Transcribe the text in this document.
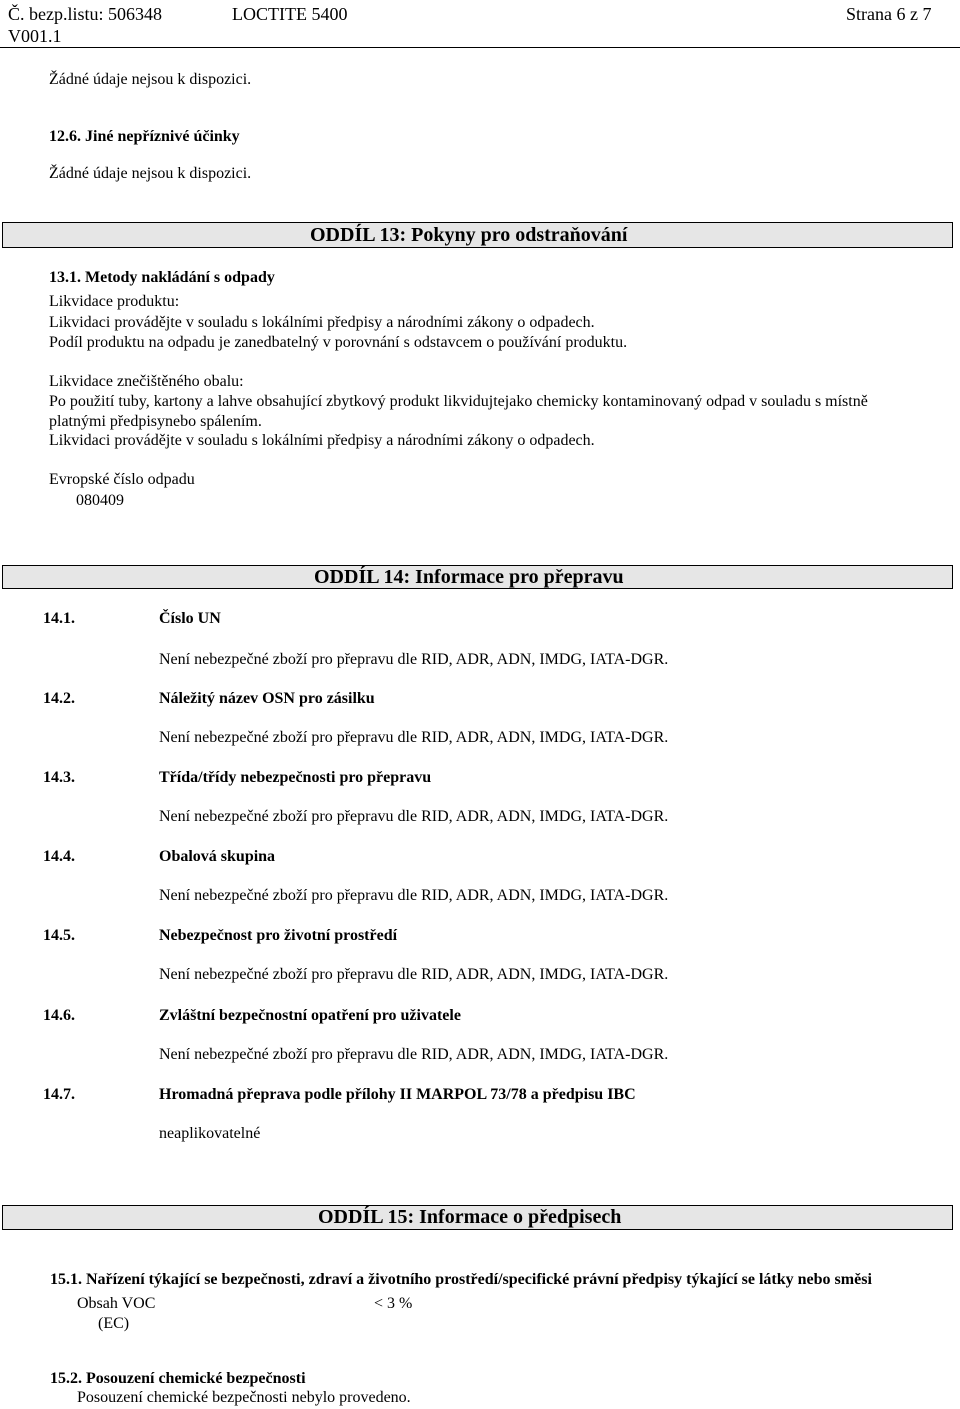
Č. bezp.listu: 506348	LOCTITE 5400	Strana 6 z 7
V001.1
Žádné údaje nejsou k dispozici.
12.6. Jiné nepříznivé účinky
Žádné údaje nejsou k dispozici.
ODDÍL 13: Pokyny pro odstraňování
13.1. Metody nakládání s odpady
Likvidace produktu:
Likvidaci provádějte v souladu s lokálními předpisy a národními zákony o odpadech.
Podíl produktu na odpadu je zanedbatelný v porovnání s odstavcem o používání produktu.
Likvidace znečištěného obalu:
Po použití tuby, kartony a lahve obsahující zbytkový produkt likvidujtejako chemicky kontaminovaný odpad v souladu s místně
platnými předpisynebo spálením.
Likvidaci provádějte v souladu s lokálními předpisy a národními zákony o odpadech.
Evropské číslo odpadu
080409
ODDÍL 14: Informace pro přepravu
14.1.	Číslo UN
Není nebezpečné zboží pro přepravu dle RID, ADR, ADN, IMDG, IATA-DGR.
14.2.	Náležitý název OSN pro zásilku
Není nebezpečné zboží pro přepravu dle RID, ADR, ADN, IMDG, IATA-DGR.
14.3.	Třída/třídy nebezpečnosti pro přepravu
Není nebezpečné zboží pro přepravu dle RID, ADR, ADN, IMDG, IATA-DGR.
14.4.	Obalová skupina
Není nebezpečné zboží pro přepravu dle RID, ADR, ADN, IMDG, IATA-DGR.
14.5.	Nebezpečnost pro životní prostředí
Není nebezpečné zboží pro přepravu dle RID, ADR, ADN, IMDG, IATA-DGR.
14.6.	Zvláštní bezpečnostní opatření pro uživatele
Není nebezpečné zboží pro přepravu dle RID, ADR, ADN, IMDG, IATA-DGR.
14.7.	Hromadná přeprava podle přílohy II MARPOL 73/78 a předpisu IBC
neaplikovatelné
ODDÍL 15: Informace o předpisech
15.1. Nařízení týkající se bezpečnosti, zdraví a životního prostředí/specifické právní předpisy týkající se látky nebo směsi
Obsah VOC	< 3 %
(EC)
15.2. Posouzení chemické bezpečnosti
Posouzení chemické bezpečnosti nebylo provedeno.
